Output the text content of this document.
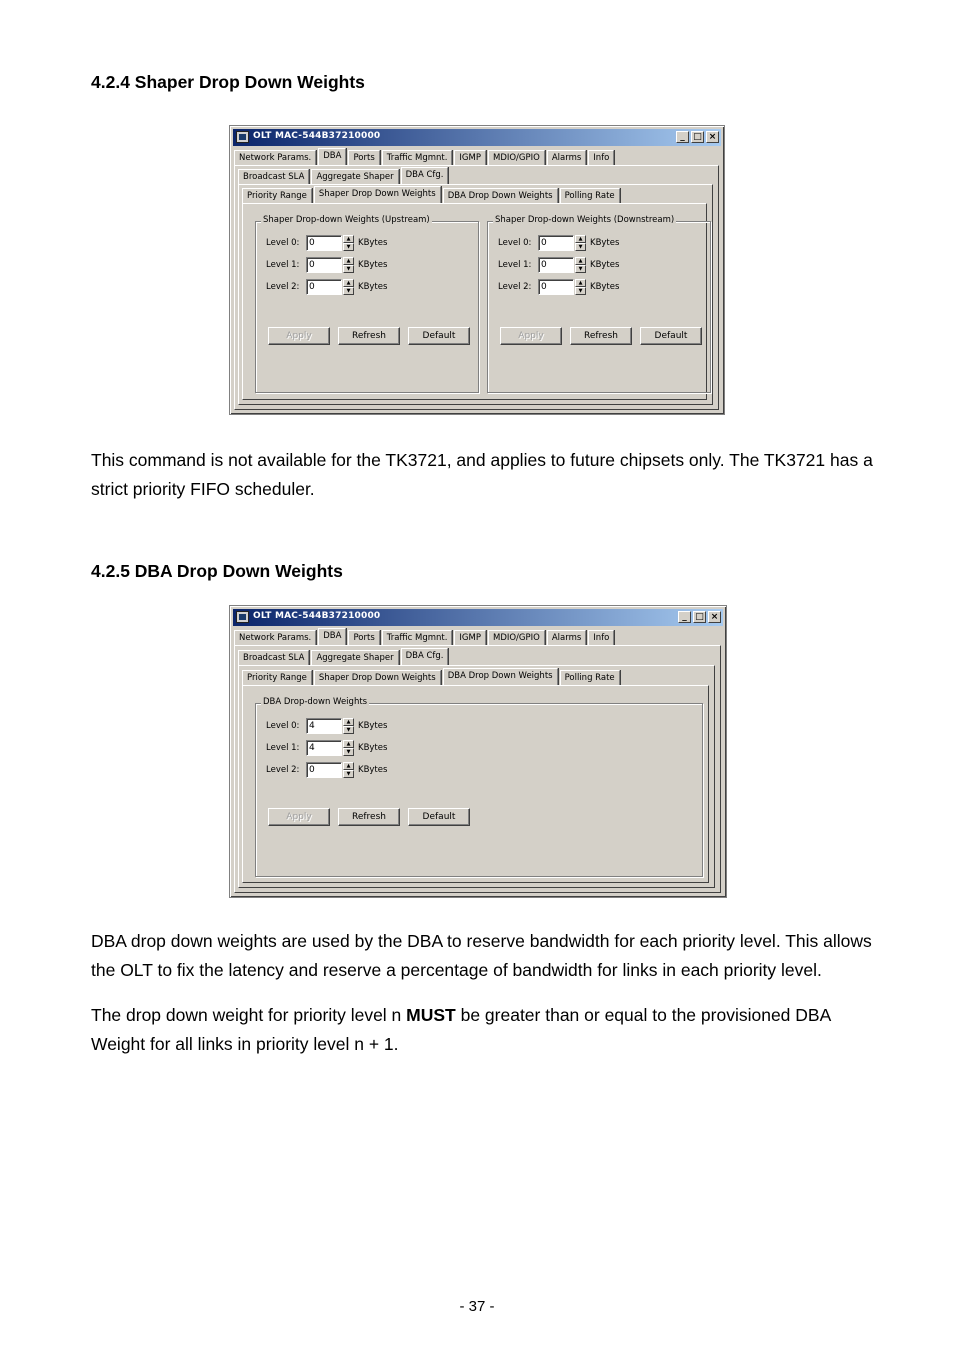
4.2.4 Shaper Drop Down Weights
OLT MAC-544B37210000	_ □ ×
Network Params.	DBA	Ports	Traffic Mgmnt.	IGMP	MDIO/GPIO	Alarms	Info
Broadcast SLA	Aggregate Shaper	DBA Cfg.
Priority Range	Shaper Drop Down Weights	DBA Drop Down Weights	Polling Rate
Shaper Drop-down Weights (Upstream)
Level 0:	0	▲
▼ KBytes
Level 1:	0	▲
▼ KBytes
Level 2:	0	▲
▼ KBytes
Apply	Refresh	Default
Shaper Drop-down Weights (Downstream)
Level 0:	0	▲
▼ KBytes
Level 1:	0	▲
▼ KBytes
Level 2:	0	▲
▼ KBytes
Apply	Refresh	Default

This command is not available for the TK3721, and applies to future chipsets only. The TK3721 has a strict priority FIFO scheduler.

4.2.5 DBA Drop Down Weights
OLT MAC-544B37210000	_ □ ×
Network Params.	DBA	Ports	Traffic Mgmnt.	IGMP	MDIO/GPIO	Alarms	Info
Broadcast SLA	Aggregate Shaper	DBA Cfg.
Priority Range	Shaper Drop Down Weights	DBA Drop Down Weights	Polling Rate
DBA Drop-down Weights
Level 0:	4	▲
▼ KBytes
Level 1:	4	▲
▼ KBytes
Level 2:	0	▲
▼ KBytes
Apply	Refresh	Default

DBA drop down weights are used by the DBA to reserve bandwidth for each priority level. This allows the OLT to fix the latency and reserve a percentage of bandwidth for links in each priority level.

The drop down weight for priority level n MUST be greater than or equal to the provisioned DBA Weight for all links in priority level n + 1.

- 37 -
